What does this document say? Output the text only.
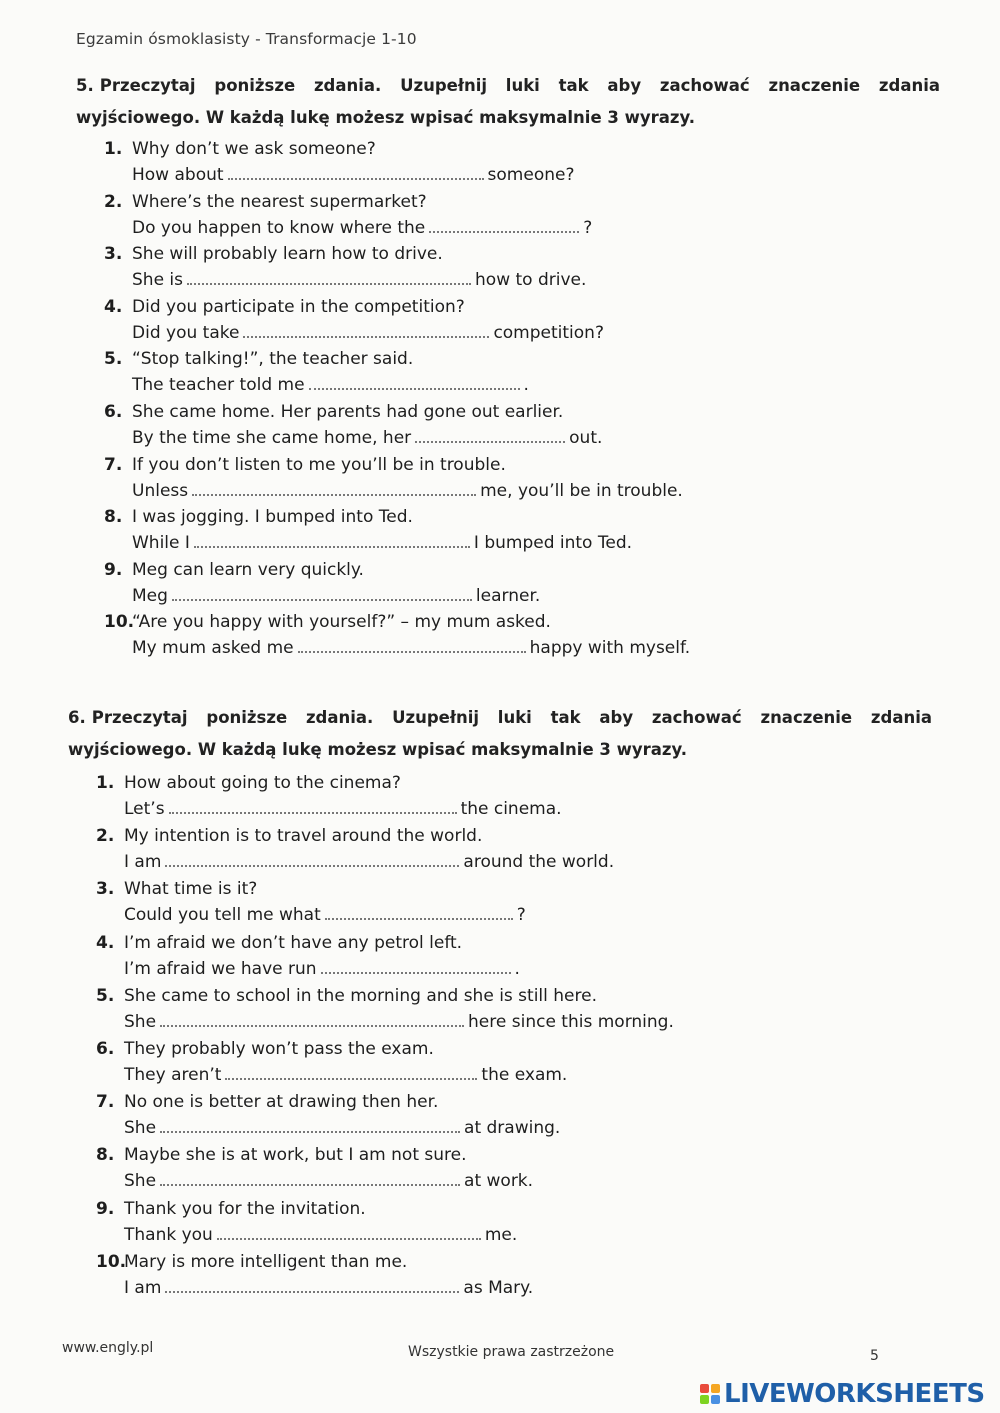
Egzamin ósmoklasisty - Transformacje 1-10
5. Przeczytaj poniższe zdania. Uzupełnij luki tak aby zachować znaczenie zdania
wyjściowego. W każdą lukę możesz wpisać maksymalnie 3 wyrazy.
1. Why don’t we ask someone?
How about	someone?
2. Where’s the nearest supermarket?
Do you happen to know where the	?
3. She will probably learn how to drive.
She is	how to drive.
4. Did you participate in the competition?
Did you take	competition?
5. “Stop talking!”, the teacher said.
The teacher told me	.
6. She came home. Her parents had gone out earlier.
By the time she came home, her	out.
7. If you don’t listen to me you’ll be in trouble.
Unless	me, you’ll be in trouble.
8. I was jogging. I bumped into Ted.
While I	I bumped into Ted.
9. Meg can learn very quickly.
Meg	learner.
10.“Are you happy with yourself?” – my mum asked.
My mum asked me	happy with myself.
6. Przeczytaj poniższe zdania. Uzupełnij luki tak aby zachować znaczenie zdania
wyjściowego. W każdą lukę możesz wpisać maksymalnie 3 wyrazy.
1. How about going to the cinema?
Let’s	the cinema.
2. My intention is to travel around the world.
I am	around the world.
3. What time is it?
Could you tell me what	?
4. I’m afraid we don’t have any petrol left.
I’m afraid we have run	.
5. She came to school in the morning and she is still here.
She	here since this morning.
6. They probably won’t pass the exam.
They aren’t	the exam.
7. No one is better at drawing then her.
She	at drawing.
8. Maybe she is at work, but I am not sure.
She	at work.
9. Thank you for the invitation.
Thank you	me.
10.Mary is more intelligent than me.
I am	as Mary.
www.engly.pl	Wszystkie prawa zastrzeżone	5
LIVEWORKSHEETS
